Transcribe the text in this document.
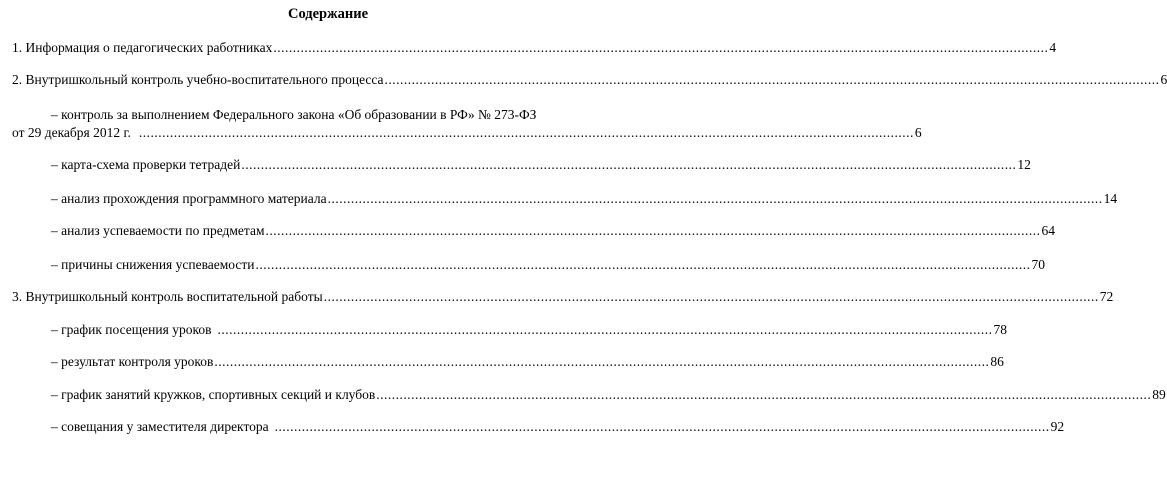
Содержание
1. Информация о педагогических работниках ........................................................................................................................................................................................................ 4
2. Внутришкольный контроль учебно-воспитательного процесса ........................................................................................................................................................................................................ 6
– контроль за выполнением Федерального закона «Об образовании в РФ» № 273-ФЗ
от 29 декабря 2012 г. ........................................................................................................................................................................................................ 6
– карта-схема проверки тетрадей ........................................................................................................................................................................................................ 12
– анализ прохождения программного материала ........................................................................................................................................................................................................ 14
– анализ успеваемости по предметам ........................................................................................................................................................................................................ 64
– причины снижения успеваемости ........................................................................................................................................................................................................ 70
3. Внутришкольный контроль воспитательной работы ........................................................................................................................................................................................................ 72
– график посещения уроков ........................................................................................................................................................................................................ 78
– результат контроля уроков ........................................................................................................................................................................................................ 86
– график занятий кружков, спортивных секций и клубов ........................................................................................................................................................................................................ 89
– совещания у заместителя директора ........................................................................................................................................................................................................ 92
